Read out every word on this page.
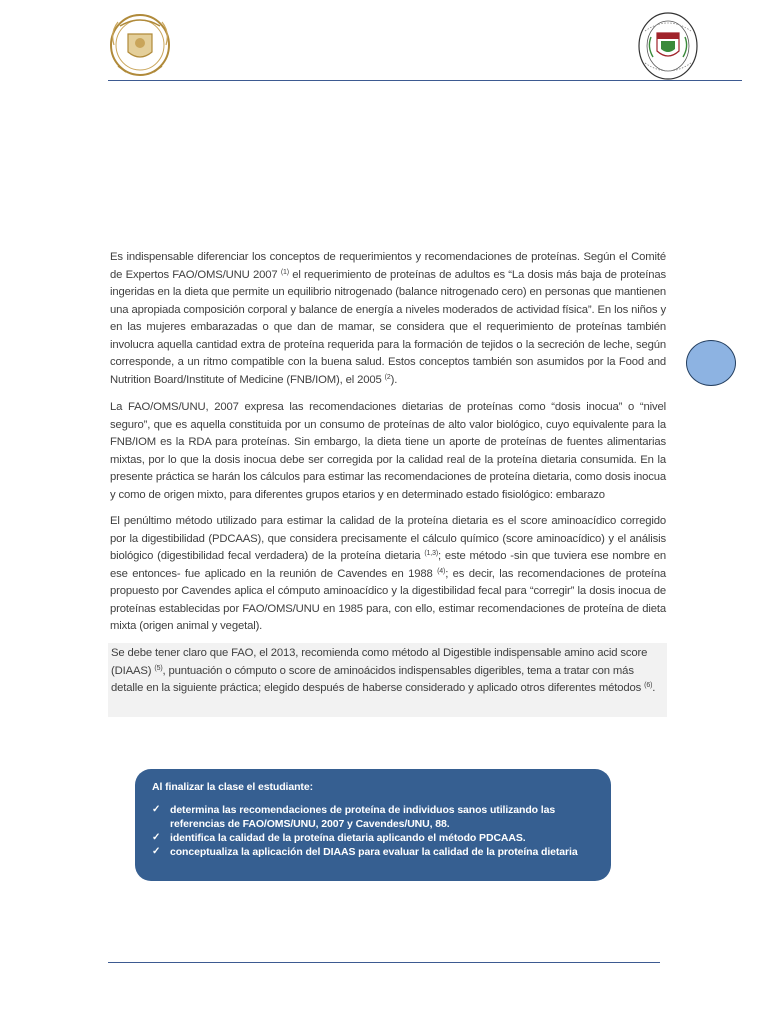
Es indispensable diferenciar los conceptos de requerimientos y recomendaciones de proteínas. Según el Comité de Expertos FAO/OMS/UNU 2007 $^{(1)}$ el requerimiento de proteínas de adultos es “La dosis más baja de proteínas ingeridas en la dieta que permite un equilibrio nitrogenado (balance nitrogenado cero) en personas que mantienen una apropiada composición corporal y balance de energía a niveles moderados de actividad física”. En los niños y en las mujeres embarazadas o que dan de mamar, se considera que el requerimiento de proteínas también involucra aquella cantidad extra de proteína requerida para la formación de tejidos o la secreción de leche, según corresponde, a un ritmo compatible con la buena salud. Estos conceptos también son asumidos por la Food and Nutrition Board/Institute of Medicine (FNB/IOM), el 2005 $^{(2}$).

La FAO/OMS/UNU, 2007 expresa las recomendaciones dietarias de proteínas como “dosis inocua” o “nivel seguro”, que es aquella constituida por un consumo de proteínas de alto valor biológico, cuyo equivalente para la FNB/IOM es la RDA para proteínas. Sin embargo, la dieta tiene un aporte de proteínas de fuentes alimentarias mixtas, por lo que la dosis inocua debe ser corregida por la calidad real de la proteína dietaria consumida. En la presente práctica se harán los cálculos para estimar las recomendaciones de proteína dietaria, como dosis inocua y como de origen mixto, para diferentes grupos etarios y en determinado estado fisiológico: embarazo

El penúltimo método utilizado para estimar la calidad de la proteína dietaria es el score aminoacídico corregido por la digestibilidad (PDCAAS), que considera precisamente el cálculo químico (score aminoacídico) y el análisis biológico (digestibilidad fecal verdadera) de la proteína dietaria $^{(1,3)}$; este método -sin que tuviera ese nombre en ese entonces- fue aplicado en la reunión de Cavendes en 1988 $^{(4)}$; es decir, las recomendaciones de proteína propuesto por Cavendes aplica el cómputo aminoacídico y la digestibilidad fecal para “corregir” la dosis inocua de proteínas establecidas por FAO/OMS/UNU en 1985 para, con ello, estimar recomendaciones de proteína de dieta mixta (origen animal y vegetal).

Se debe tener claro que FAO, el 2013, recomienda como método al Digestible indispensable amino acid score (DIAAS) $^{(5)}$, puntuación o cómputo o score de aminoácidos indispensables digeribles, tema a tratar con más detalle en la siguiente práctica; elegido después de haberse considerado y aplicado otros diferentes métodos $^{(6)}$.

Al finalizar la clase el estudiante:
✓ determina las recomendaciones de proteína de individuos sanos utilizando las referencias de FAO/OMS/UNU, 2007 y Cavendes/UNU, 88.
✓ identifica la calidad de la proteína dietaria aplicando el método PDCAAS.
✓ conceptualiza la aplicación del DIAAS para evaluar la calidad de la proteína dietaria
